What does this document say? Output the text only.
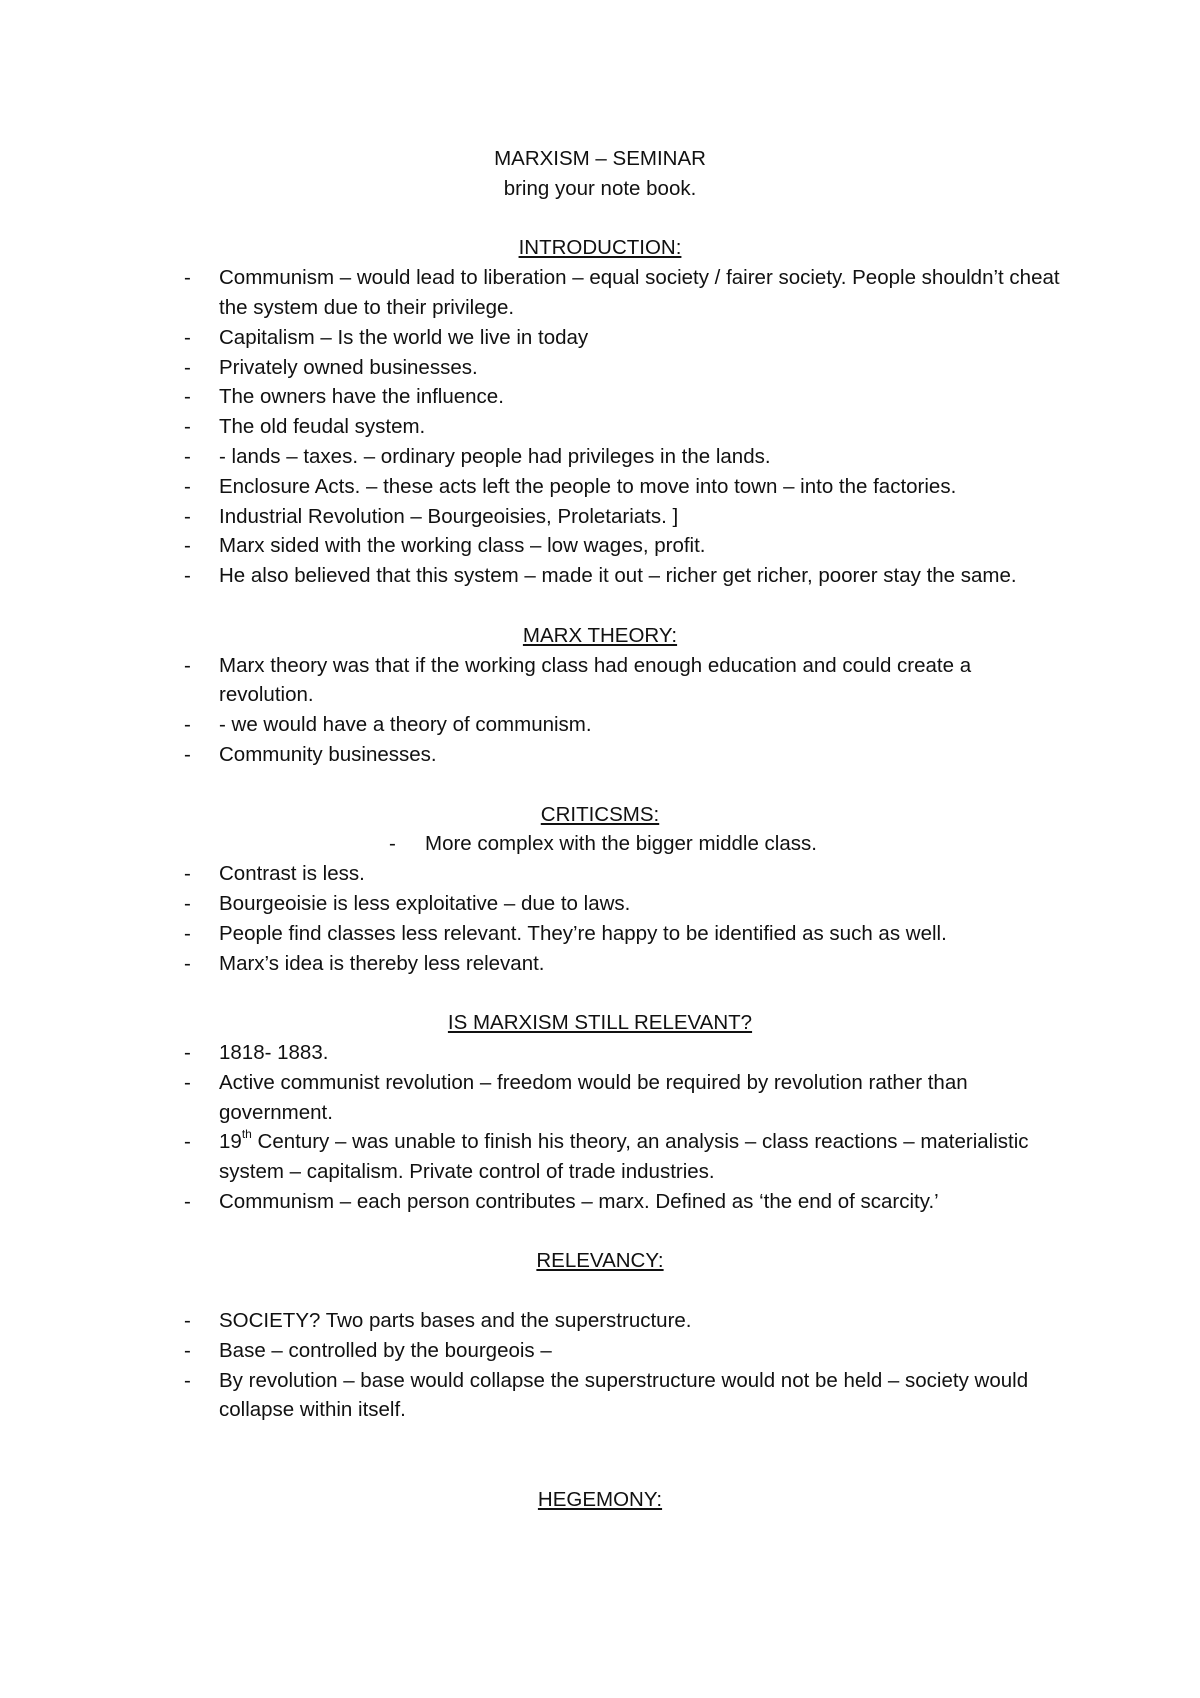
MARXISM – SEMINAR
bring your note book.
INTRODUCTION:
- Communism – would lead to liberation – equal society / fairer society. People shouldn’t cheat the system due to their privilege.
- Capitalism – Is the world we live in today
- Privately owned businesses.
- The owners have the influence.
- The old feudal system.
- - lands – taxes. – ordinary people had privileges in the lands.
- Enclosure Acts. – these acts left the people to move into town – into the factories.
- Industrial Revolution – Bourgeoisies, Proletariats. ]
- Marx sided with the working class – low wages, profit.
- He also believed that this system – made it out – richer get richer, poorer stay the same.
MARX THEORY:
- Marx theory was that if the working class had enough education and could create a revolution.
- - we would have a theory of communism.
- Community businesses.
CRITICSMS:
- More complex with the bigger middle class.
- Contrast is less.
- Bourgeoisie is less exploitative – due to laws.
- People find classes less relevant. They’re happy to be identified as such as well.
- Marx’s idea is thereby less relevant.
IS MARXISM STILL RELEVANT?
- 1818- 1883.
- Active communist revolution – freedom would be required by revolution rather than government.
- 19th Century – was unable to finish his theory, an analysis – class reactions – materialistic system – capitalism. Private control of trade industries.
- Communism – each person contributes – marx. Defined as ‘the end of scarcity.’
RELEVANCY:
- SOCIETY? Two parts bases and the superstructure.
- Base – controlled by the bourgeois –
- By revolution – base would collapse the superstructure would not be held – society would collapse within itself.
HEGEMONY:
